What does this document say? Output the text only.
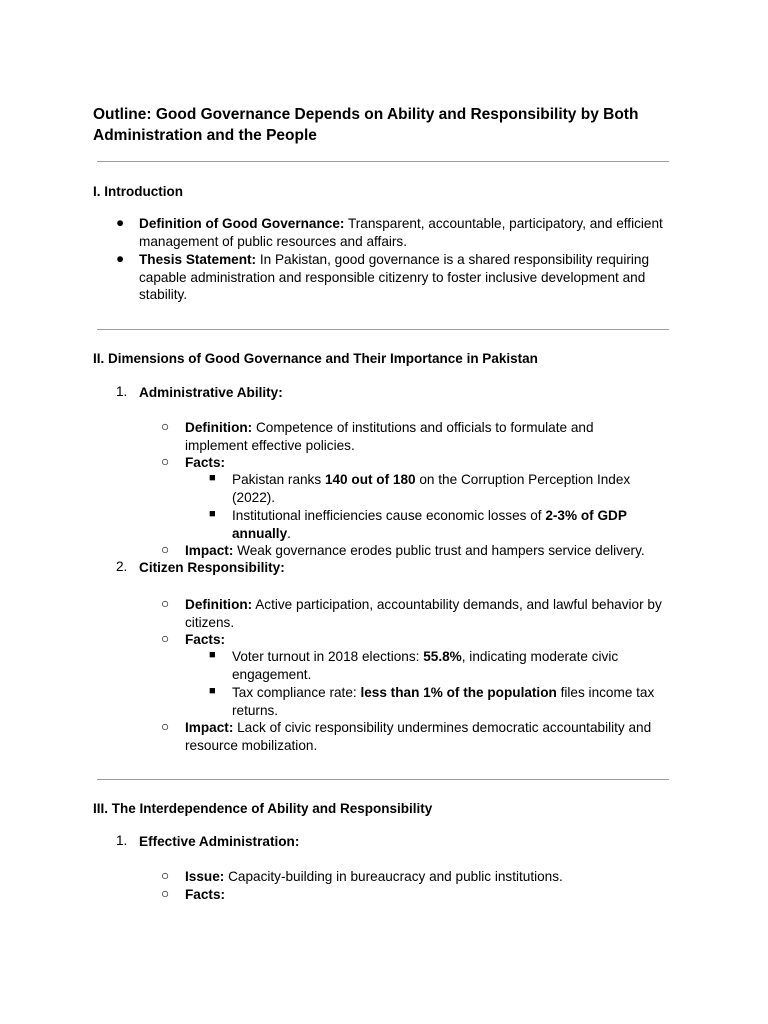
Outline: Good Governance Depends on Ability and Responsibility by Both Administration and the People

I. Introduction

● Definition of Good Governance: Transparent, accountable, participatory, and efficient management of public resources and affairs.
● Thesis Statement: In Pakistan, good governance is a shared responsibility requiring capable administration and responsible citizenry to foster inclusive development and stability.

II. Dimensions of Good Governance and Their Importance in Pakistan

1. Administrative Ability:
○ Definition: Competence of institutions and officials to formulate and implement effective policies.
○ Facts:
■ Pakistan ranks 140 out of 180 on the Corruption Perception Index (2022).
■ Institutional inefficiencies cause economic losses of 2-3% of GDP annually.
○ Impact: Weak governance erodes public trust and hampers service delivery.
2. Citizen Responsibility:
○ Definition: Active participation, accountability demands, and lawful behavior by citizens.
○ Facts:
■ Voter turnout in 2018 elections: 55.8%, indicating moderate civic engagement.
■ Tax compliance rate: less than 1% of the population files income tax returns.
○ Impact: Lack of civic responsibility undermines democratic accountability and resource mobilization.

III. The Interdependence of Ability and Responsibility

1. Effective Administration:
○ Issue: Capacity-building in bureaucracy and public institutions.
○ Facts:
